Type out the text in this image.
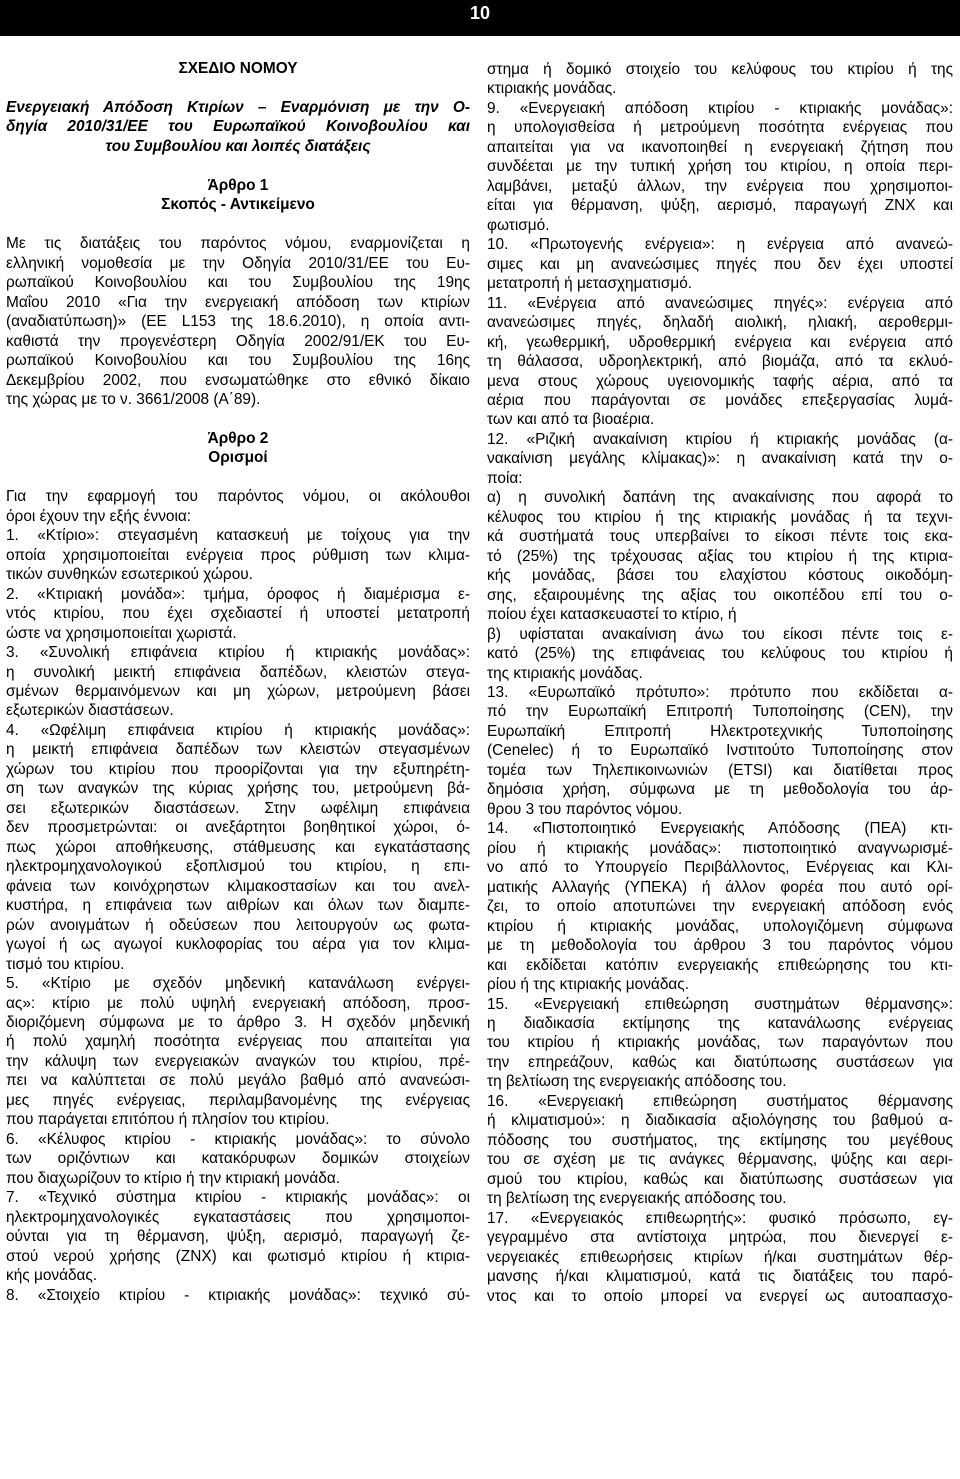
10
ΣΧΕΔΙΟ ΝΟΜΟΥ
Ενεργειακή Απόδοση Κτιρίων – Εναρμόνιση με την Ο-
δηγία 2010/31/ΕΕ του Ευρωπαϊκού Κοινοβουλίου και
του Συμβουλίου και λοιπές διατάξεις
Άρθρο 1
Σκοπός - Αντικείμενο
Με τις διατάξεις του παρόντος νόμου, εναρμονίζεται η
ελληνική νομοθεσία με την Οδηγία 2010/31/ΕΕ του Ευ-
ρωπαϊκού Κοινοβουλίου και του Συμβουλίου της 19ης
Μαΐου 2010 «Για την ενεργειακή απόδοση των κτιρίων
(αναδιατύπωση)» (ΕΕ L153 της 18.6.2010), η οποία αντι-
καθιστά την προγενέστερη Οδηγία 2002/91/ΕΚ του Ευ-
ρωπαϊκού Κοινοβουλίου και του Συμβουλίου της 16ης
Δεκεμβρίου 2002, που ενσωματώθηκε στο εθνικό δίκαιο
της χώρας με το ν. 3661/2008 (Α΄89).
Άρθρο 2
Ορισμοί
Για την εφαρμογή του παρόντος νόμου, οι ακόλουθοι
όροι έχουν την εξής έννοια:
1. «Κτίριο»: στεγασμένη κατασκευή με τοίχους για την
οποία χρησιμοποιείται ενέργεια προς ρύθμιση των κλιμα-
τικών συνθηκών εσωτερικού χώρου.
2. «Κτιριακή μονάδα»: τμήμα, όροφος ή διαμέρισμα ε-
ντός κτιρίου, που έχει σχεδιαστεί ή υποστεί μετατροπή
ώστε να χρησιμοποιείται χωριστά.
3. «Συνολική επιφάνεια κτιρίου ή κτιριακής μονάδας»:
η συνολική μεικτή επιφάνεια δαπέδων, κλειστών στεγα-
σμένων θερμαινόμενων και μη χώρων, μετρούμενη βάσει
εξωτερικών διαστάσεων.
4. «Ωφέλιμη επιφάνεια κτιρίου ή κτιριακής μονάδας»:
η μεικτή επιφάνεια δαπέδων των κλειστών στεγασμένων
χώρων του κτιρίου που προορίζονται για την εξυπηρέτη-
ση των αναγκών της κύριας χρήσης του, μετρούμενη βά-
σει εξωτερικών διαστάσεων. Στην ωφέλιμη επιφάνεια
δεν προσμετρώνται: οι ανεξάρτητοι βοηθητικοί χώροι, ό-
πως χώροι αποθήκευσης, στάθμευσης και εγκατάστασης
ηλεκτρομηχανολογικού εξοπλισμού του κτιρίου, η επι-
φάνεια των κοινόχρηστων κλιμακοστασίων και του ανελ-
κυστήρα, η επιφάνεια των αιθρίων και όλων των διαμπε-
ρών ανοιγμάτων ή οδεύσεων που λειτουργούν ως φωτα-
γωγοί ή ως αγωγοί κυκλοφορίας του αέρα για τον κλιμα-
τισμό του κτιρίου.
5. «Κτίριο με σχεδόν μηδενική κατανάλωση ενέργει-
ας»: κτίριο με πολύ υψηλή ενεργειακή απόδοση, προσ-
διοριζόμενη σύμφωνα με το άρθρο 3. Η σχεδόν μηδενική
ή πολύ χαμηλή ποσότητα ενέργειας που απαιτείται για
την κάλυψη των ενεργειακών αναγκών του κτιρίου, πρέ-
πει να καλύπτεται σε πολύ μεγάλο βαθμό από ανανεώσι-
μες πηγές ενέργειας, περιλαμβανομένης της ενέργειας
που παράγεται επιτόπου ή πλησίον του κτιρίου.
6. «Κέλυφος κτιρίου - κτιριακής μονάδας»: το σύνολο
των οριζόντιων και κατακόρυφων δομικών στοιχείων
που διαχωρίζουν το κτίριο ή την κτιριακή μονάδα.
7. «Τεχνικό σύστημα κτιρίου - κτιριακής μονάδας»: οι
ηλεκτρομηχανολογικές εγκαταστάσεις που χρησιμοποι-
ούνται για τη θέρμανση, ψύξη, αερισμό, παραγωγή ζε-
στού νερού χρήσης (ΖΝΧ) και φωτισμό κτιρίου ή κτιρια-
κής μονάδας.
8. «Στοιχείο κτιρίου - κτιριακής μονάδας»: τεχνικό σύ-
στημα ή δομικό στοιχείο του κελύφους του κτιρίου ή της
κτιριακής μονάδας.
9. «Ενεργειακή απόδοση κτιρίου - κτιριακής μονάδας»:
η υπολογισθείσα ή μετρούμενη ποσότητα ενέργειας που
απαιτείται για να ικανοποιηθεί η ενεργειακή ζήτηση που
συνδέεται με την τυπική χρήση του κτιρίου, η οποία περι-
λαμβάνει, μεταξύ άλλων, την ενέργεια που χρησιμοποι-
είται για θέρμανση, ψύξη, αερισμό, παραγωγή ΖΝΧ και
φωτισμό.
10. «Πρωτογενής ενέργεια»: η ενέργεια από ανανεώ-
σιμες και μη ανανεώσιμες πηγές που δεν έχει υποστεί
μετατροπή ή μετασχηματισμό.
11. «Ενέργεια από ανανεώσιμες πηγές»: ενέργεια από
ανανεώσιμες πηγές, δηλαδή αιολική, ηλιακή, αεροθερμι-
κή, γεωθερμική, υδροθερμική ενέργεια και ενέργεια από
τη θάλασσα, υδροηλεκτρική, από βιομάζα, από τα εκλυό-
μενα στους χώρους υγειονομικής ταφής αέρια, από τα
αέρια που παράγονται σε μονάδες επεξεργασίας λυμά-
των και από τα βιοαέρια.
12. «Ριζική ανακαίνιση κτιρίου ή κτιριακής μονάδας (α-
νακαίνιση μεγάλης κλίμακας)»: η ανακαίνιση κατά την ο-
ποία:
α) η συνολική δαπάνη της ανακαίνισης που αφορά το
κέλυφος του κτιρίου ή της κτιριακής μονάδας ή τα τεχνι-
κά συστήματά τους υπερβαίνει το είκοσι πέντε τοις εκα-
τό (25%) της τρέχουσας αξίας του κτιρίου ή της κτιρια-
κής μονάδας, βάσει του ελαχίστου κόστους οικοδόμη-
σης, εξαιρουμένης της αξίας του οικοπέδου επί του ο-
ποίου έχει κατασκευαστεί το κτίριο, ή
β) υφίσταται ανακαίνιση άνω του είκοσι πέντε τοις ε-
κατό (25%) της επιφάνειας του κελύφους του κτιρίου ή
της κτιριακής μονάδας.
13. «Ευρωπαϊκό πρότυπο»: πρότυπο που εκδίδεται α-
πό την Ευρωπαϊκή Επιτροπή Τυποποίησης (CEN), την
Ευρωπαϊκή Επιτροπή Ηλεκτροτεχνικής Τυποποίησης
(Cenelec) ή το Ευρωπαϊκό Ινστιτούτο Τυποποίησης στον
τομέα των Τηλεπικοινωνιών (ETSI) και διατίθεται προς
δημόσια χρήση, σύμφωνα με τη μεθοδολογία του άρ-
θρου 3 του παρόντος νόμου.
14. «Πιστοποιητικό Ενεργειακής Απόδοσης (ΠΕΑ) κτι-
ρίου ή κτιριακής μονάδας»: πιστοποιητικό αναγνωρισμέ-
νο από το Υπουργείο Περιβάλλοντος, Ενέργειας και Κλι-
ματικής Αλλαγής (ΥΠΕΚΑ) ή άλλον φορέα που αυτό ορί-
ζει, το οποίο αποτυπώνει την ενεργειακή απόδοση ενός
κτιρίου ή κτιριακής μονάδας, υπολογιζόμενη σύμφωνα
με τη μεθοδολογία του άρθρου 3 του παρόντος νόμου
και εκδίδεται κατόπιν ενεργειακής επιθεώρησης του κτι-
ρίου ή της κτιριακής μονάδας.
15. «Ενεργειακή επιθεώρηση συστημάτων θέρμανσης»:
η διαδικασία εκτίμησης της κατανάλωσης ενέργειας
του κτιρίου ή κτιριακής μονάδας, των παραγόντων που
την επηρεάζουν, καθώς και διατύπωσης συστάσεων για
τη βελτίωση της ενεργειακής απόδοσης του.
16. «Ενεργειακή επιθεώρηση συστήματος θέρμανσης
ή κλιματισμού»: η διαδικασία αξιολόγησης του βαθμού α-
πόδοσης του συστήματος, της εκτίμησης του μεγέθους
του σε σχέση με τις ανάγκες θέρμανσης, ψύξης και αερι-
σμού του κτιρίου, καθώς και διατύπωσης συστάσεων για
τη βελτίωση της ενεργειακής απόδοσης του.
17. «Ενεργειακός επιθεωρητής»: φυσικό πρόσωπο, εγ-
γεγραμμένο στα αντίστοιχα μητρώα, που διενεργεί ε-
νεργειακές επιθεωρήσεις κτιρίων ή/και συστημάτων θέρ-
μανσης ή/και κλιματισμού, κατά τις διατάξεις του παρό-
ντος και το οποίο μπορεί να ενεργεί ως αυτοαπασχο-
